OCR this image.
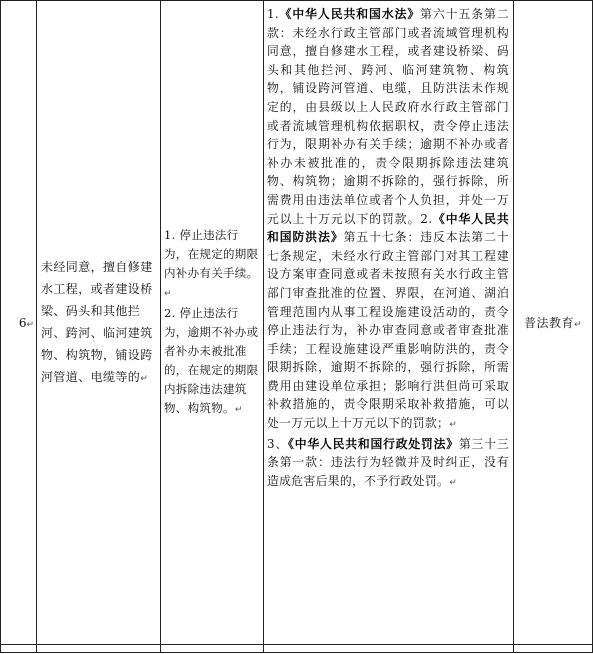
6↵	未经同意，擅自修建水工程，或者建设桥梁、码头和其他拦河、跨河、临河建筑物、构筑物，铺设跨河管道、电缆等的↵	1. 停止违法行为，在规定的期限内补办有关手续。↵
2. 停止违法行为，逾期不补办或者补办未被批准的，在规定的期限内拆除违法建筑物、构筑物。↵	1.《中华人民共和国水法》第六十五条第二款：未经水行政主管部门或者流域管理机构同意，擅自修建水工程，或者建设桥梁、码头和其他拦河、跨河、临河建筑物、构筑物，铺设跨河管道、电缆，且防洪法未作规定的，由县级以上人民政府水行政主管部门或者流域管理机构依据职权，责令停止违法行为，限期补办有关手续；逾期不补办或者补办未被批准的，责令限期拆除违法建筑物、构筑物；逾期不拆除的，强行拆除，所需费用由违法单位或者个人负担，并处一万元以上十万元以下的罚款。2.《中华人民共和国防洪法》第五十七条：违反本法第二十七条规定，未经水行政主管部门对其工程建设方案审查同意或者未按照有关水行政主管部门审查批准的位置、界限，在河道、湖泊管理范围内从事工程设施建设活动的，责令停止违法行为，补办审查同意或者审查批准手续；工程设施建设严重影响防洪的，责令限期拆除，逾期不拆除的，强行拆除，所需费用由建设单位承担；影响行洪但尚可采取补救措施的，责令限期采取补救措施，可以处一万元以上十万元以下的罚款；↵
3、《中华人民共和国行政处罚法》第三十三条第一款：违法行为轻微并及时纠正，没有造成危害后果的，不予行政处罚。↵	普法教育↵
